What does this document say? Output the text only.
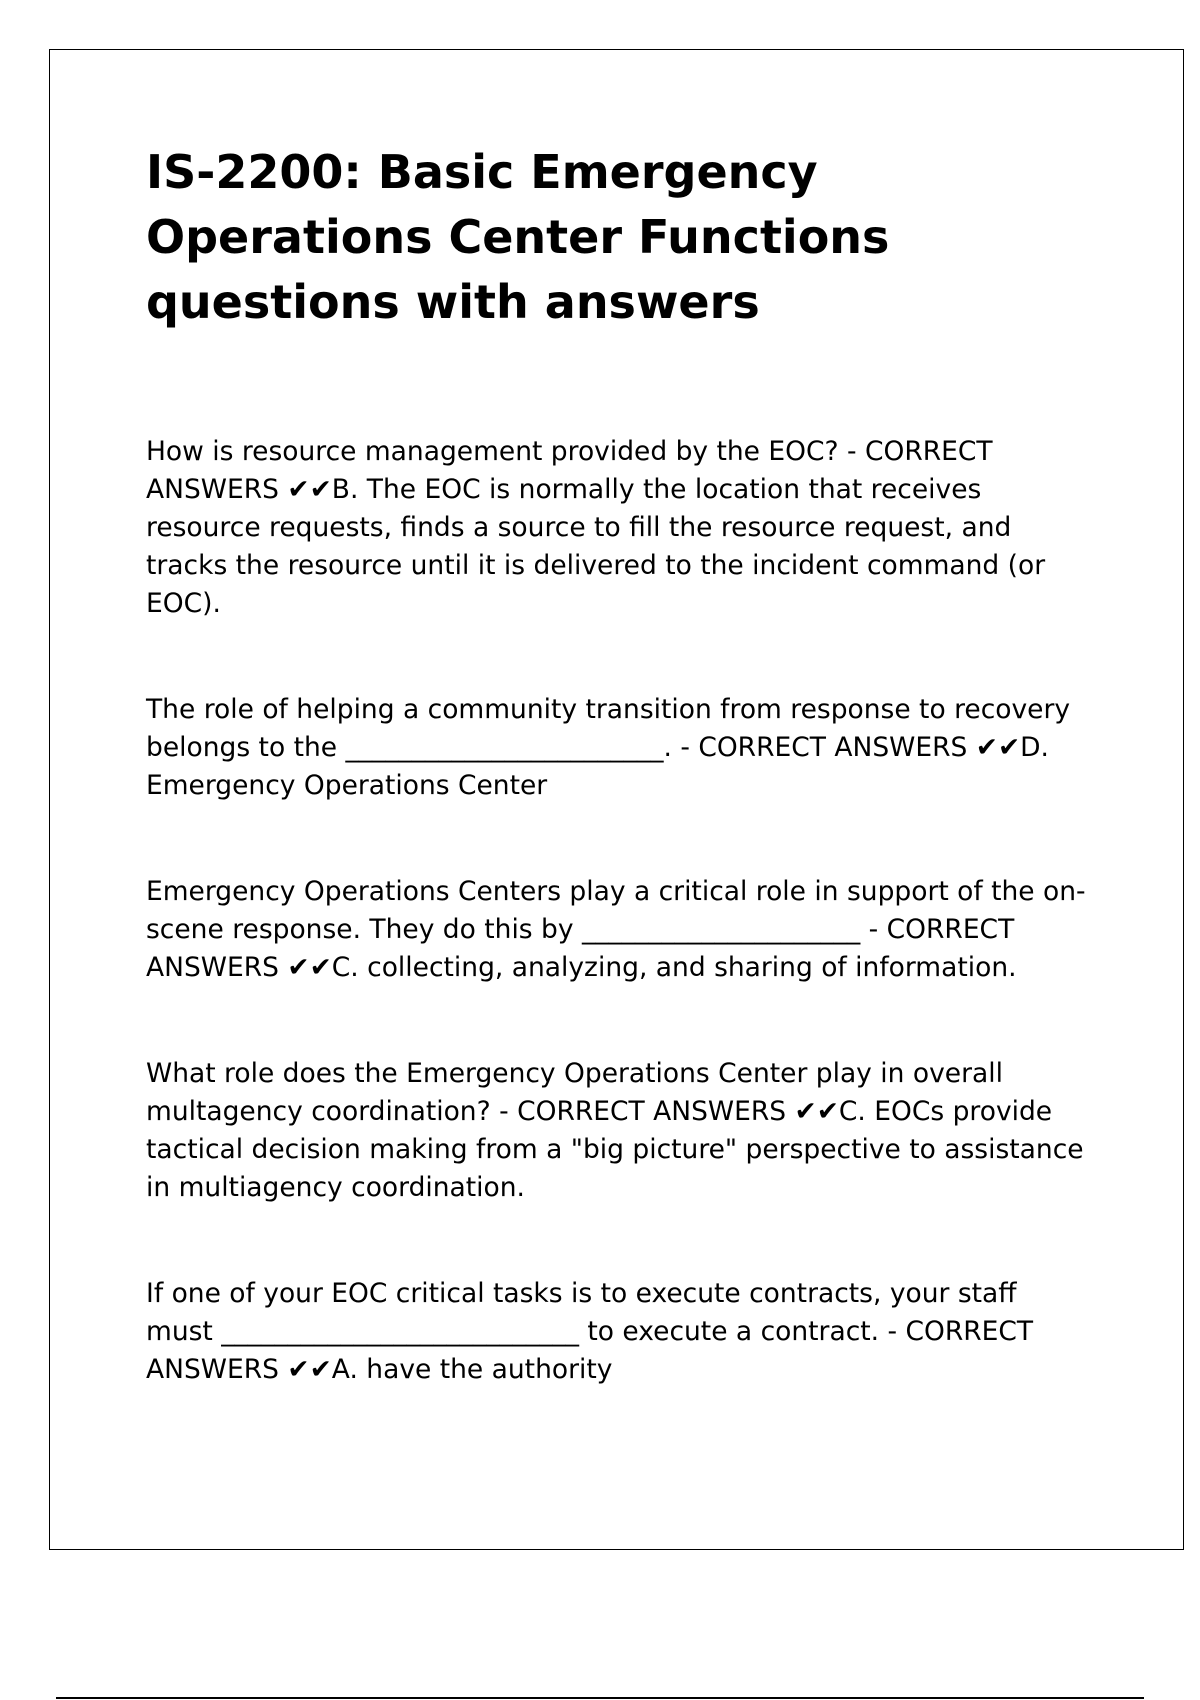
IS-2200: Basic Emergency Operations Center Functions questions with answers

How is resource management provided by the EOC? - CORRECT ANSWERS ✔✔B. The EOC is normally the location that receives resource requests, finds a source to fill the resource request, and tracks the resource until it is delivered to the incident command (or EOC).

The role of helping a community transition from response to recovery belongs to the ________________________. - CORRECT ANSWERS ✔✔D. Emergency Operations Center

Emergency Operations Centers play a critical role in support of the on-scene response. They do this by _____________________ - CORRECT ANSWERS ✔✔C. collecting, analyzing, and sharing of information.

What role does the Emergency Operations Center play in overall multagency coordination? - CORRECT ANSWERS ✔✔C. EOCs provide tactical decision making from a "big picture" perspective to assistance in multiagency coordination.

If one of your EOC critical tasks is to execute contracts, your staff must ___________________________ to execute a contract. - CORRECT ANSWERS ✔✔A. have the authority
